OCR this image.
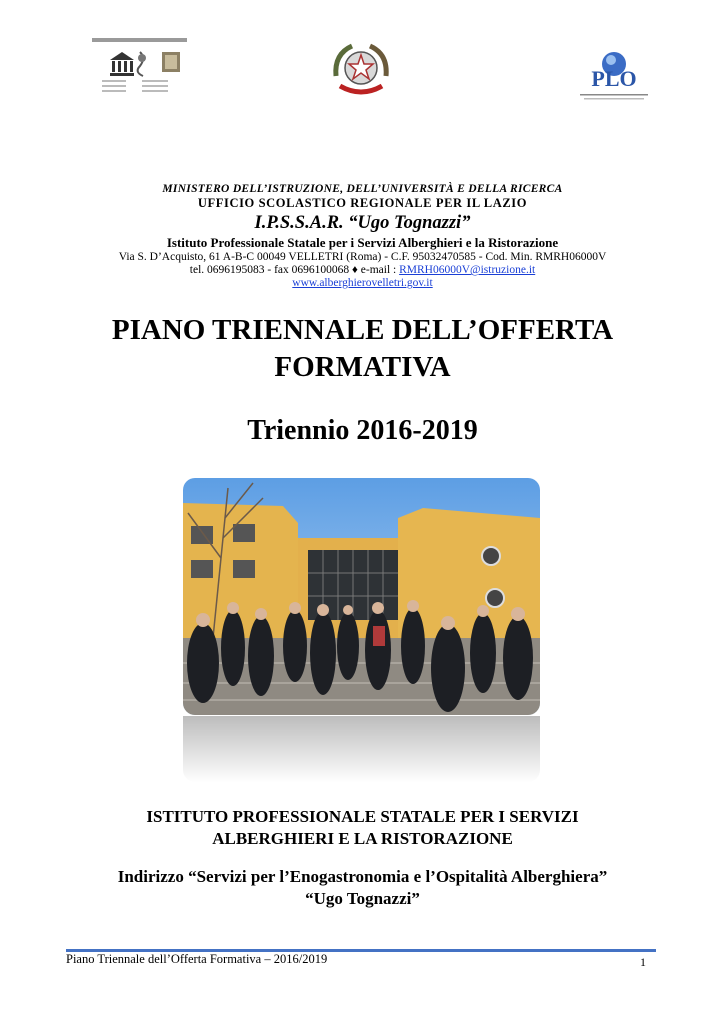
PLO
MINISTERO DELL’ISTRUZIONE, DELL’UNIVERSITÀ E DELLA RICERCA
UFFICIO SCOLASTICO REGIONALE PER IL LAZIO
I.P.S.S.A.R. “Ugo Tognazzi”
Istituto Professionale Statale per i Servizi Alberghieri e la Ristorazione
Via S. D’Acquisto, 61 A-B-C 00049 VELLETRI (Roma) - C.F. 95032470585 - Cod. Min. RMRH06000V
tel. 0696195083 - fax 0696100068 ♦ e-mail : RMRH06000V@istruzione.it
www.alberghierovelletri.gov.it
PIANO TRIENNALE DELL’OFFERTA
FORMATIVA
Triennio 2016-2019
ISTITUTO PROFESSIONALE STATALE PER I SERVIZI
ALBERGHIERI E LA RISTORAZIONE
Indirizzo “Servizi per l’Enogastronomia e l’Ospitalità Alberghiera”
“Ugo Tognazzi”
Piano Triennale dell’Offerta Formativa – 2016/2019	1
